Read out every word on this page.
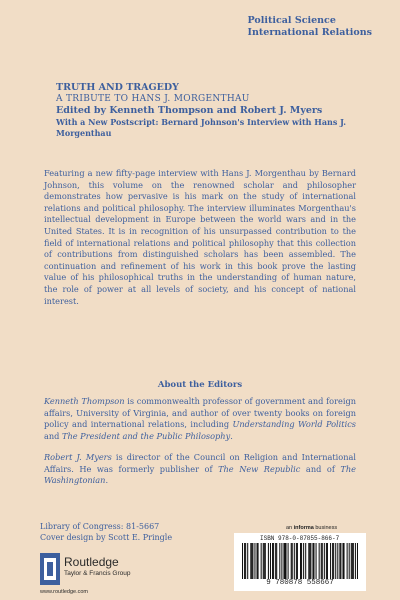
Political Science
International Relations
TRUTH AND TRAGEDY
A TRIBUTE TO HANS J. MORGENTHAU
Edited by Kenneth Thompson and Robert J. Myers
With a New Postscript: Bernard Johnson's Interview with Hans J. Morgenthau

Featuring a new fifty-page interview with Hans J. Morgenthau by Bernard Johnson, this volume on the renowned scholar and philosopher demonstrates how pervasive is his mark on the study of international relations and political philosophy. The interview illuminates Morgenthau's intellectual development in Europe between the world wars and in the United States. It is in recognition of his unsurpassed contribution to the field of international relations and political philosophy that this collection of contributions from distinguished scholars has been assembled. The continuation and refinement of his work in this book prove the lasting value of his philosophical truths in the understanding of human nature, the role of power at all levels of society, and his concept of national interest.

About the Editors

Kenneth Thompson is commonwealth professor of government and foreign affairs, University of Virginia, and author of over twenty books on foreign policy and international relations, including Understanding World Politics and The President and the Public Philosophy.

Robert J. Myers is director of the Council on Religion and International Affairs. He was formerly publisher of The New Republic and of The Washingtonian.

Library of Congress: 81-5667
Cover design by Scott E. Pringle
an informa business
ISBN 978-0-87855-866-7
9 780878 558667
Routledge
Taylor & Francis Group
www.routledge.com
